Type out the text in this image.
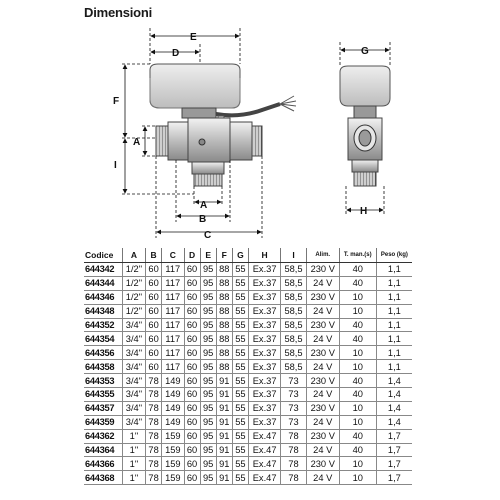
Dimensioni
E
D
F
I
A
A
B
C
G
H
Codice	A	B	C	D	E	F	G	H	I	Alim.	T. man.(s)	Peso (kg)
644342	1/2"	60	117	60	95	88	55	Ex.37	58,5	230 V	40	1,1
644344	1/2"	60	117	60	95	88	55	Ex.37	58,5	24 V	40	1,1
644346	1/2"	60	117	60	95	88	55	Ex.37	58,5	230 V	10	1,1
644348	1/2"	60	117	60	95	88	55	Ex.37	58,5	24 V	10	1,1
644352	3/4"	60	117	60	95	88	55	Ex.37	58,5	230 V	40	1,1
644354	3/4"	60	117	60	95	88	55	Ex.37	58,5	24 V	40	1,1
644356	3/4"	60	117	60	95	88	55	Ex.37	58,5	230 V	10	1,1
644358	3/4"	60	117	60	95	88	55	Ex.37	58,5	24 V	10	1,1
644353	3/4"	78	149	60	95	91	55	Ex.37	73	230 V	40	1,4
644355	3/4"	78	149	60	95	91	55	Ex.37	73	24 V	40	1,4
644357	3/4"	78	149	60	95	91	55	Ex.37	73	230 V	10	1,4
644359	3/4"	78	149	60	95	91	55	Ex.37	73	24 V	10	1,4
644362	1"	78	159	60	95	91	55	Ex.47	78	230 V	40	1,7
644364	1"	78	159	60	95	91	55	Ex.47	78	24 V	40	1,7
644366	1"	78	159	60	95	91	55	Ex.47	78	230 V	10	1,7
644368	1"	78	159	60	95	91	55	Ex.47	78	24 V	10	1,7
